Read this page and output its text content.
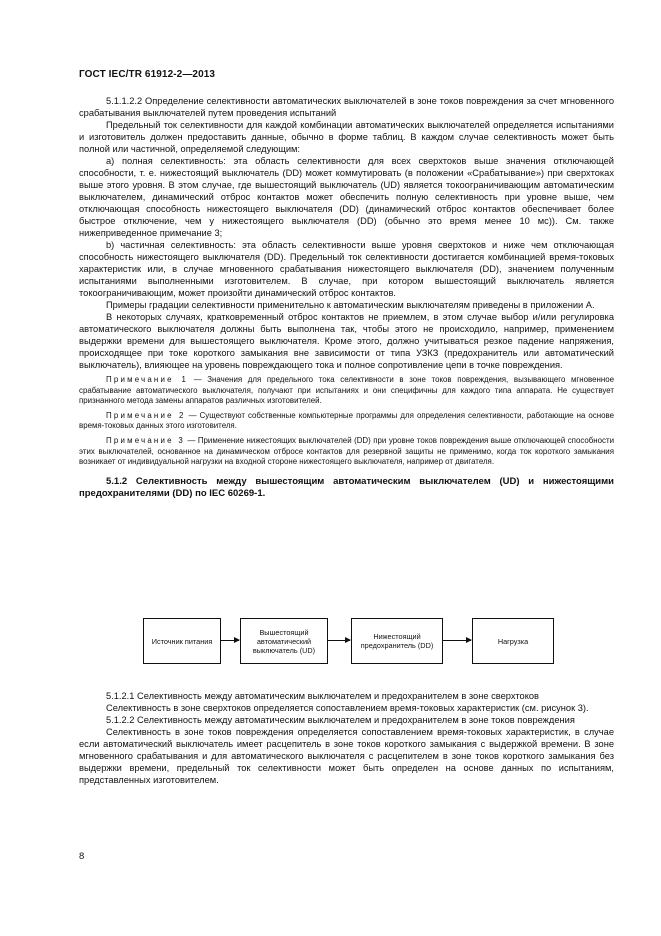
ГОСТ IEC/TR 61912-2—2013

5.1.1.2.2 Определение селективности автоматических выключателей в зоне токов повреждения за счет мгновенного срабатывания выключателей путем проведения испытаний

Предельный ток селективности для каждой комбинации автоматических выключателей определяется испытаниями и изготовитель должен предоставить данные, обычно в форме таблиц. В каждом случае селективность может быть полной или частичной, определяемой следующим:

а) полная селективность: эта область селективности для всех сверхтоков выше значения отключающей способности, т. е. нижестоящий выключатель (DD) может коммутировать (в положении «Срабатывание») при сверхтоках выше этого уровня. В этом случае, где вышестоящий выключатель (UD) является токоограничивающим автоматическим выключателем, динамический отброс контактов может обеспечить полную селективность при уровне выше, чем отключающая способность нижестоящего выключателя (DD) (динамический отброс контактов обеспечивает более быстрое отключение, чем у нижестоящего выключателя (DD) (обычно это время менее 10 мс)). См. также нижеприведенное примечание 3;

b) частичная селективность: эта область селективности выше уровня сверхтоков и ниже чем отключающая способность нижестоящего выключателя (DD). Предельный ток селективности достигается комбинацией время-токовых характеристик или, в случае мгновенного срабатывания нижестоящего выключателя (DD), значением полученным испытаниями выполненными изготовителем. В случае, при котором вышестоящий выключатель является токоограничивающим, может произойти динамический отброс контактов.

Примеры градации селективности применительно к автоматическим выключателям приведены в приложении А.

В некоторых случаях, кратковременный отброс контактов не приемлем, в этом случае выбор и/или регулировка автоматического выключателя должны быть выполнена так, чтобы этого не происходило, например, применением выдержки времени для вышестоящего выключателя. Кроме этого, должно учитываться резкое падение напряжения, происходящее при токе короткого замыкания вне зависимости от типа УЗКЗ (предохранитель или автоматический выключатель), влияющее на уровень повреждающего тока и полное сопротивление цепи в точке повреждения.

Примечание 1 — Значения для предельного тока селективности в зоне токов повреждения, вызывающего мгновенное срабатывание автоматического выключателя, получают при испытаниях и они специфичны для каждого типа аппарата. Не существует признанного метода замены аппаратов различных изготовителей.
Примечание 2 — Существуют собственные компьютерные программы для определения селективности, работающие на основе время-токовых данных этого изготовителя.
Примечание 3 — Применение нижестоящих выключателей (DD) при уровне токов повреждения выше отключающей способности этих выключателей, основанное на динамическом отбросе контактов для резервной защиты не применимо, когда ток короткого замыкания возникает от индивидуальной нагрузки на входной стороне нижестоящего выключателя, например от двигателя.

5.1.2 Селективность между вышестоящим автоматическим выключателем (UD) и нижестоящими предохранителями (DD) по IEC 60269-1.

Источник питания
Вышестоящий автоматический выключатель (UD)
Нижестоящий предохранитель (DD)	Нагрузка

5.1.2.1 Селективность между автоматическим выключателем и предохранителем в зоне сверхтоков

Селективность в зоне сверхтоков определяется сопоставлением время-токовых характеристик (см. рисунок 3).

5.1.2.2 Селективность между автоматическим выключателем и предохранителем в зоне токов повреждения

Селективность в зоне токов повреждения определяется сопоставлением время-токовых характеристик, в случае если автоматический выключатель имеет расцепитель в зоне токов короткого замыкания с выдержкой времени. В зоне мгновенного срабатывания и для автоматического выключателя с расцепителем в зоне токов короткого замыкания без выдержки времени, предельный ток селективности может быть определен на основе данных по испытаниям, представленных изготовителем.

8
